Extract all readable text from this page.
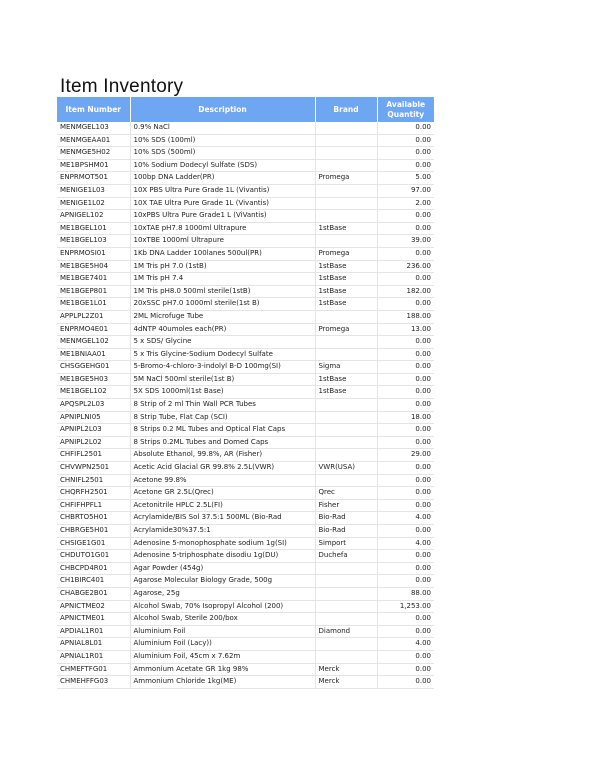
Item Inventory
Item Number	Description	Brand	Available
Quantity
MENMGEL103	0.9% NaCl		0.00
MENMGEAA01	10% SDS (100ml)		0.00
MENMGE5H02	10% SDS (500ml)		0.00
ME1BPSHM01	10% Sodium Dodecyl Sulfate (SDS)		0.00
ENPRMOT501	100bp DNA Ladder(PR)	Promega	5.00
MENIGE1L03	10X PBS Ultra Pure Grade 1L (Vivantis)		97.00
MENIGE1L02	10X TAE Ultra Pure Grade 1L (Vivantis)		2.00
APNIGEL102	10xPBS Ultra Pure Grade1 L (ViVantis)		0.00
ME1BGEL101	10xTAE pH7.8 1000ml Ultrapure	1stBase	0.00
ME1BGEL103	10xTBE 1000ml Ultrapure		39.00
ENPRMOSI01	1Kb DNA Ladder 100lanes 500ul(PR)	Promega	0.00
ME1BGE5H04	1M Tris pH 7.0 (1stB)	1stBase	236.00
ME1BGE7401	1M Tris pH 7.4	1stBase	0.00
ME1BGEP801	1M Tris pH8.0 500ml sterile(1stB)	1stBase	182.00
ME1BGE1L01	20xSSC pH7.0 1000ml sterile(1st B)	1stBase	0.00
APPLPL2Z01	2ML Microfuge Tube		188.00
ENPRMO4E01	4dNTP 40umoles each(PR)	Promega	13.00
MENMGEL102	5 x SDS/ Glycine		0.00
ME1BNIAA01	5 x Tris Glycine-Sodium Dodecyl Sulfate		0.00
CHSGGEHG01	5-Bromo-4-chloro-3-indolyl B-D 100mg(SI)	Sigma	0.00
ME1BGE5H03	5M NaCl 500ml sterile(1st B)	1stBase	0.00
ME1BGEL102	5X SDS 1000ml(1st Base)	1stBase	0.00
APQSPL2L03	8 Strip of 2 ml Thin Wall PCR Tubes		0.00
APNIPLNI05	8 Strip Tube, Flat Cap (SCI)		18.00
APNIPL2L03	8 Strips 0.2 ML Tubes and Optical Flat Caps		0.00
APNIPL2L02	8 Strips 0.2ML Tubes and Domed Caps		0.00
CHFIFL2501	Absolute Ethanol, 99.8%, AR (Fisher)		29.00
CHVWPN2501	Acetic Acid Glacial GR 99.8% 2.5L(VWR)	VWR(USA)	0.00
CHNIFL2501	Acetone 99.8%		0.00
CHQRFH2501	Acetone GR 2.5L(Qrec)	Qrec	0.00
CHFIFHPFL1	Acetonitrile HPLC 2.5L(FI)	Fisher	0.00
CHBRTO5H01	Acrylamide/BIS Sol 37.5:1 500ML (Bio-Rad	Bio-Rad	4.00
CHBRGE5H01	Acrylamide30%37.5:1	Bio-Rad	0.00
CHSIGE1G01	Adenosine 5-monophosphate sodium 1g(SI)	Simport	4.00
CHDUTO1G01	Adenosine 5-triphosphate disodiu 1g(DU)	Duchefa	0.00
CHBCPD4R01	Agar Powder (454g)		0.00
CH1BIRC401	Agarose Molecular Biology Grade, 500g		0.00
CHABGE2B01	Agarose, 25g		88.00
APNICTME02	Alcohol Swab, 70% Isopropyl Alcohol (200)		1,253.00
APNICTME01	Alcohol Swab, Sterile 200/box		0.00
APDIAL1R01	Aluminium Foil	Diamond	0.00
APNIAL8L01	Aluminium Foil (Lacy))		4.00
APNIAL1R01	Aluminium Foil, 45cm x 7.62m		0.00
CHMEFTFG01	Ammonium Acetate GR 1kg 98%	Merck	0.00
CHMEHFFG03	Ammonium Chloride 1kg(ME)	Merck	0.00
